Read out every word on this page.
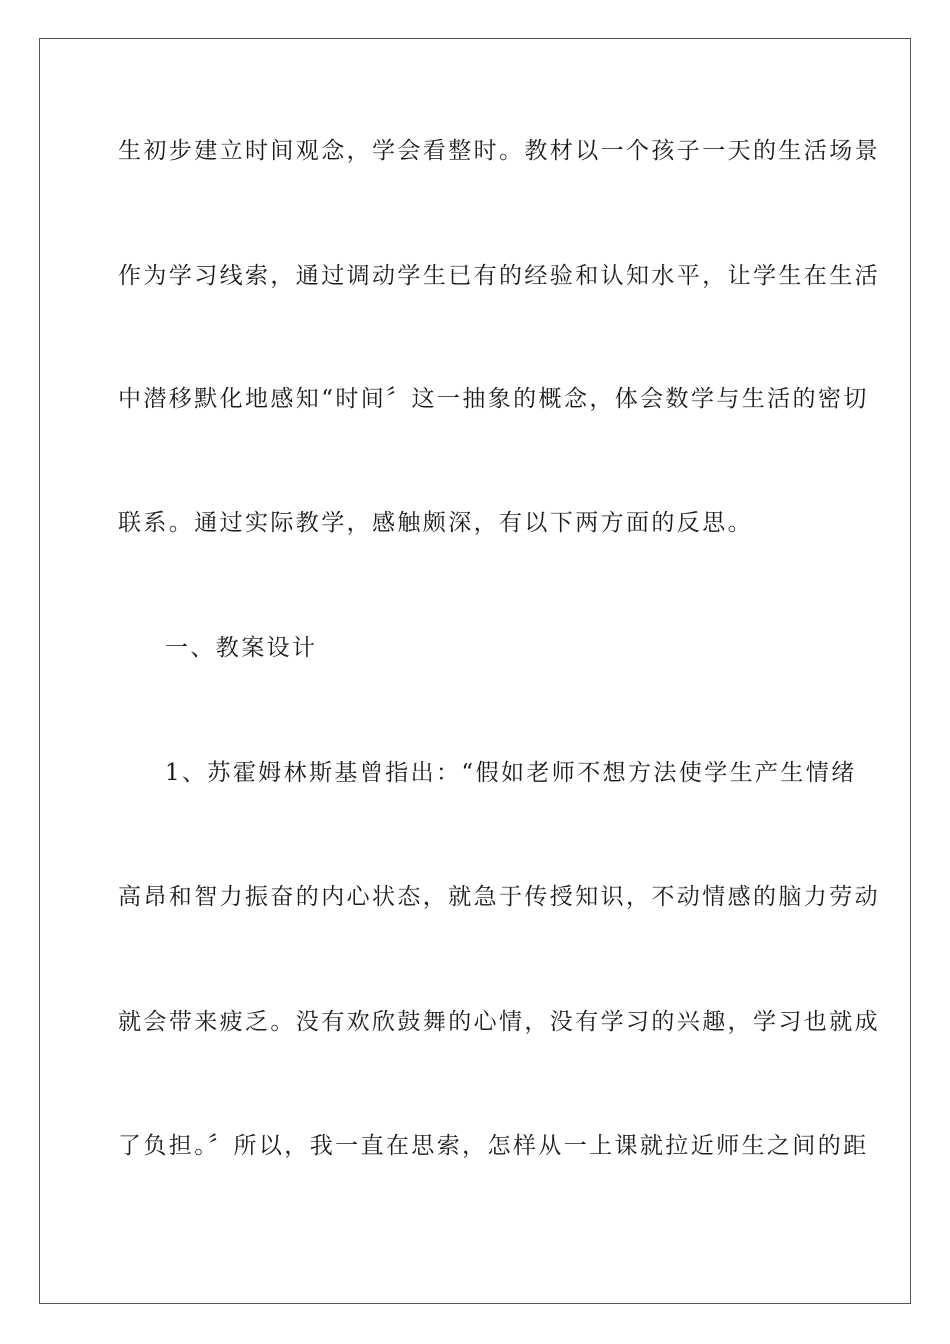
生初步建立时间观念，学会看整时。教材以一个孩子一天的生活场景
作为学习线索，通过调动学生已有的经验和认知水平，让学生在生活
中潜移默化地感知“时间〞这一抽象的概念，体会数学与生活的密切
联系。通过实际教学，感触颇深，有以下两方面的反思。
一、教案设计
1、苏霍姆林斯基曾指出：“假如老师不想方法使学生产生情绪
高昂和智力振奋的内心状态，就急于传授知识，不动情感的脑力劳动
就会带来疲乏。没有欢欣鼓舞的心情，没有学习的兴趣，学习也就成
了负担。〞所以，我一直在思索，怎样从一上课就拉近师生之间的距
